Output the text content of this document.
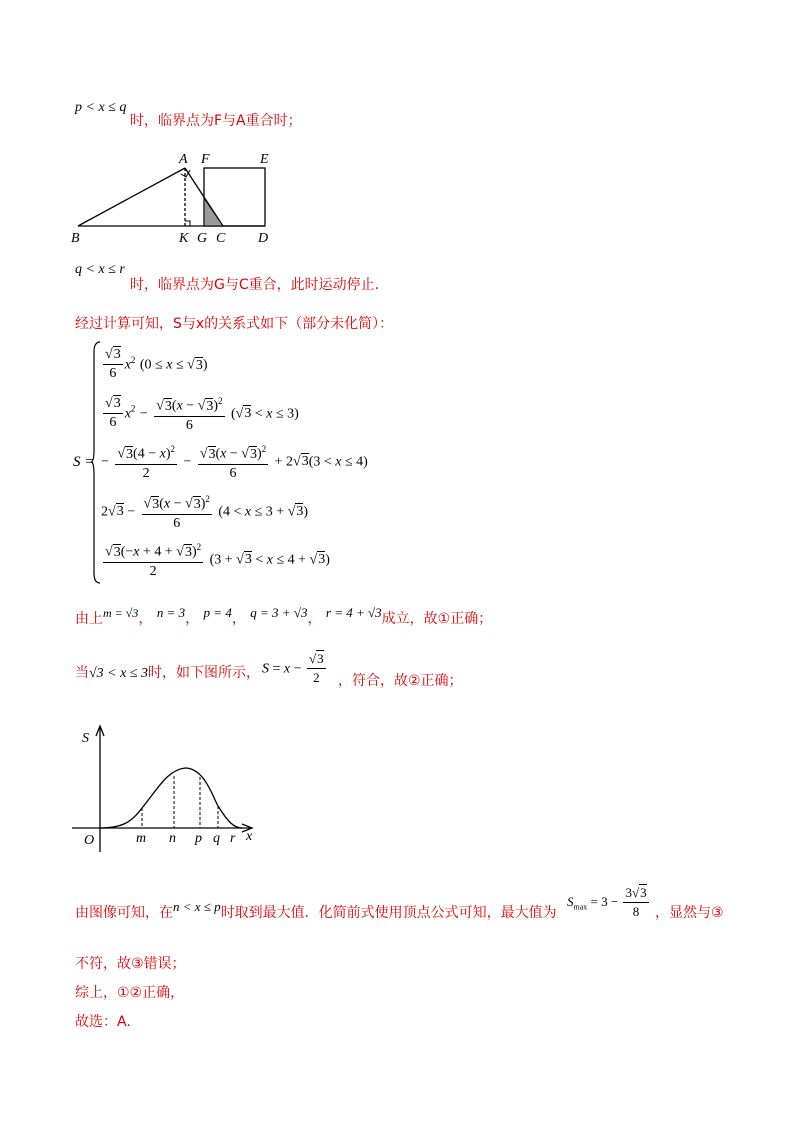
p < x ≤ q
时，临界点为F与A重合时；
A F	E
B	K G C D
q < x ≤ r
时，临界点为G与C重合，此时运动停止.
经过计算可知，S与x的关系式如下（部分未化简）：
S =
$\frac{√3}{6} x^2$ (0 ≤ x ≤ √3)
$\frac{√3}{6} x^2 - \frac{√3(x - √3)^2}{6} (√3 < x \le 3)$
− $\frac{√3(4 - x)^2}{2} - \frac{√3(x - √3)^2}{6} + 2√3(3 < x \le 4)$
$2√3 - \frac{√3(x - √3)^2}{6} (4 < x \le 3 + √3)$
$\frac{√3(-x + 4 + √3)^2}{2} (3 + √3 < x \le 4 + √3)$
由上m = √3， n = 3， p = 4， q = 3 + √3， r = 4 + √3成立，故①正确；
当√3 < x ≤ 3时，如下图所示， $S = x - \frac{√3}{2}$ ，符合，故②正确；
S
O	m n p q r x
由图像可知，在n < x ≤ p时取到最大值．化简前式使用顶点公式可知，最大值为
$S_{max} = 3 - \frac{3√3}{8}$ ，显然与③
不符，故③错误；
综上，①②正确，
故选：A.
